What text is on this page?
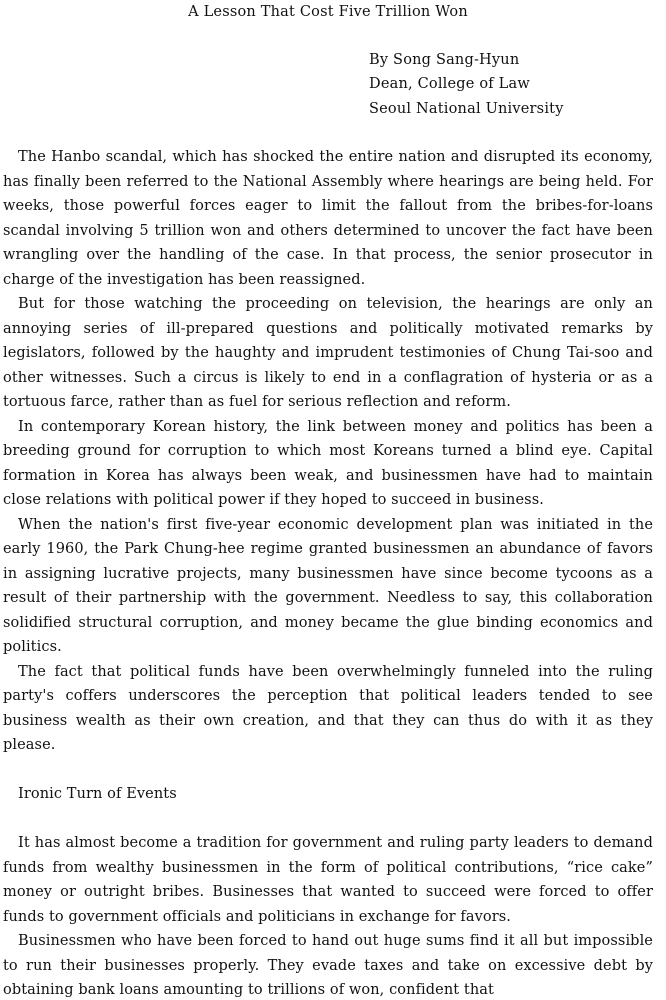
A Lesson That Cost Five Trillion Won
By Song Sang-Hyun
Dean, College of Law
Seoul National University

The Hanbo scandal, which has shocked the entire nation and disrupted its economy, has finally been referred to the National Assembly where hearings are being held. For weeks, those powerful forces eager to limit the fallout from the bribes-for-loans scandal involving 5 trillion won and others determined to uncover the fact have been wrangling over the handling of the case. In that process, the senior prosecutor in charge of the investigation has been reassigned.

But for those watching the proceeding on television, the hearings are only an annoying series of ill-prepared questions and politically motivated remarks by legislators, followed by the haughty and imprudent testimonies of Chung Tai-soo and other witnesses. Such a circus is likely to end in a conflagration of hysteria or as a tortuous farce, rather than as fuel for serious reflection and reform.

In contemporary Korean history, the link between money and politics has been a breeding ground for corruption to which most Koreans turned a blind eye. Capital formation in Korea has always been weak, and businessmen have had to maintain close relations with political power if they hoped to succeed in business.

When the nation's first five-year economic development plan was initiated in the early 1960, the Park Chung-hee regime granted businessmen an abundance of favors in assigning lucrative projects, many businessmen have since become tycoons as a result of their partnership with the government. Needless to say, this collaboration solidified structural corruption, and money became the glue binding economics and politics.

The fact that political funds have been overwhelmingly funneled into the ruling party's coffers underscores the perception that political leaders tended to see business wealth as their own creation, and that they can thus do with it as they please.

Ironic Turn of Events

It has almost become a tradition for government and ruling party leaders to demand funds from wealthy businessmen in the form of political contributions, “rice cake” money or outright bribes. Businesses that wanted to succeed were forced to offer funds to government officials and politicians in exchange for favors.

Businessmen who have been forced to hand out huge sums find it all but impossible to run their businesses properly. They evade taxes and take on excessive debt by obtaining bank loans amounting to trillions of won, confident that
